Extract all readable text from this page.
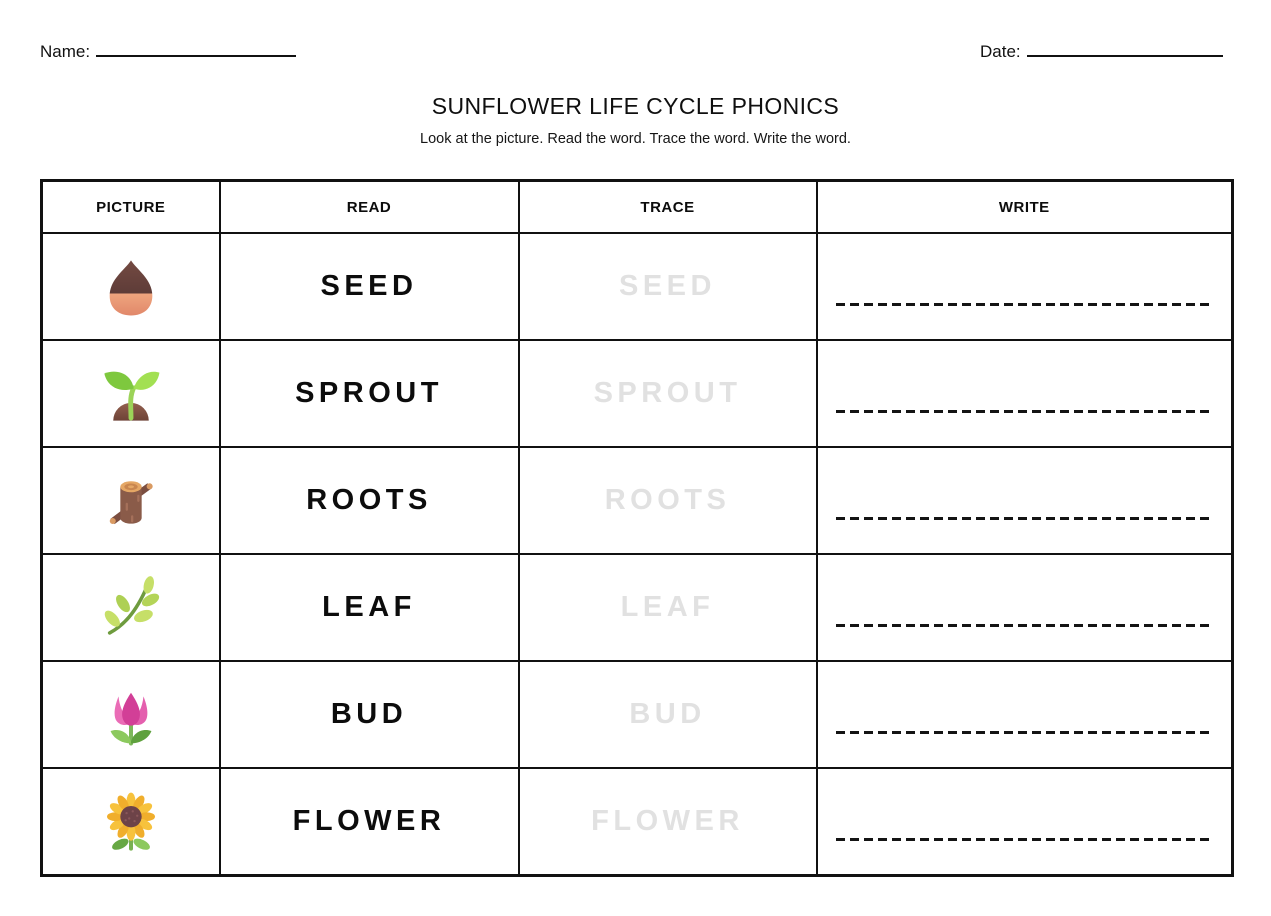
Name:	Date:
SUNFLOWER LIFE CYCLE PHONICS
Look at the picture. Read the word. Trace the word. Write the word.
PICTURE	READ	TRACE	WRITE
	SEED	SEED	

	SPROUT	SPROUT	

	ROOTS	ROOTS	

	LEAF	LEAF	

	BUD	BUD	

	FLOWER	FLOWER	
